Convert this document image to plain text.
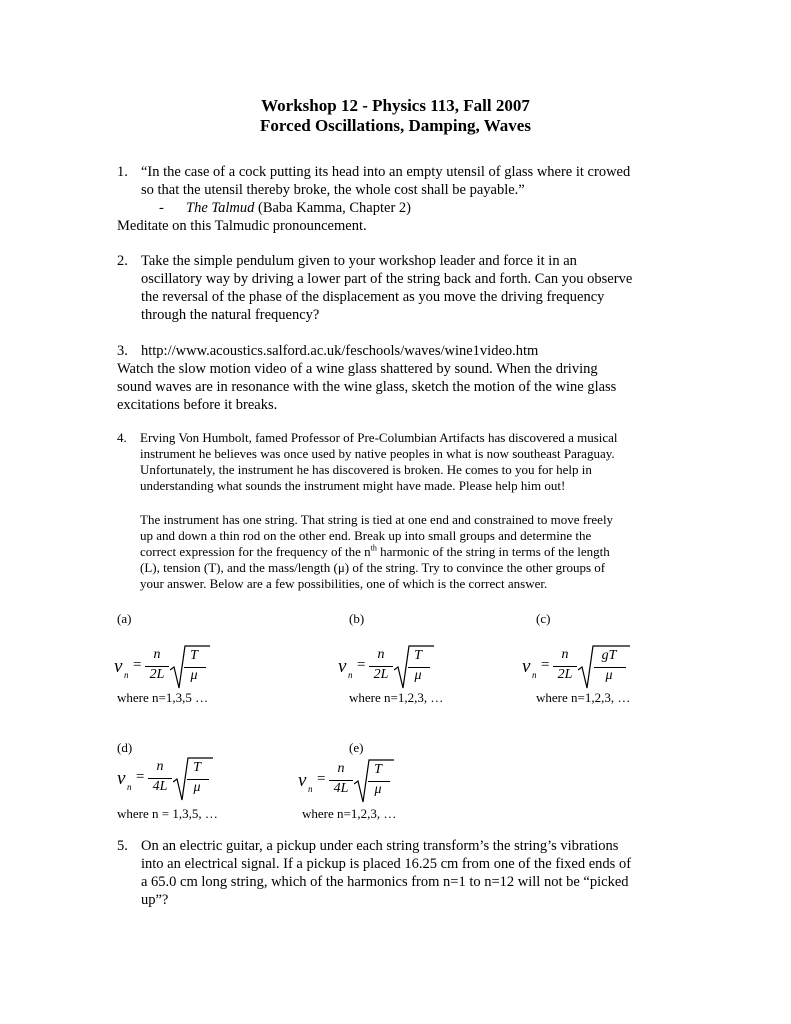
Workshop 12 - Physics 113, Fall 2007
Forced Oscillations, Damping, Waves
1. “In the case of a cock putting its head into an empty utensil of glass where it crowed
so that the utensil thereby broke, the whole cost shall be payable.”
- The Talmud (Baba Kamma, Chapter 2)
Meditate on this Talmudic pronouncement.
2. Take the simple pendulum given to your workshop leader and force it in an
oscillatory way by driving a lower part of the string back and forth. Can you observe
the reversal of the phase of the displacement as you move the driving frequency
through the natural frequency?
3. http://www.acoustics.salford.ac.uk/feschools/waves/wine1video.htm
Watch the slow motion video of a wine glass shattered by sound. When the driving
sound waves are in resonance with the wine glass, sketch the motion of the wine glass
excitations before it breaks.
4. Erving Von Humbolt, famed Professor of Pre-Columbian Artifacts has discovered a musical
instrument he believes was once used by native peoples in what is now southeast Paraguay.
Unfortunately, the instrument he has discovered is broken. He comes to you for help in
understanding what sounds the instrument might have made. Please help him out!
The instrument has one string. That string is tied at one end and constrained to move freely
up and down a thin rod on the other end. Break up into small groups and determine the
correct expression for the frequency of the $n^{th}$ harmonic of the string in terms of the length
(L), tension (T), and the mass/length (μ) of the string. Try to convince the other groups of
your answer. Below are a few possibilities, one of which is the correct answer.
(a)	(b)	(c)
(d)	(e)
ν n
=
n
2L
T
μ
where n=1,3,5 …
ν n
=
n
2L
T
μ
where n=1,2,3, …
ν n
=
n
2L
gT
μ
where n=1,2,3, …
ν n
=
n
4L
T
μ
where n = 1,3,5, …
ν n
=
n
4L
T
μ
where n=1,2,3, …
5. On an electric guitar, a pickup under each string transform’s the string’s vibrations
into an electrical signal. If a pickup is placed 16.25 cm from one of the fixed ends of
a 65.0 cm long string, which of the harmonics from n=1 to n=12 will not be “picked
up”?
